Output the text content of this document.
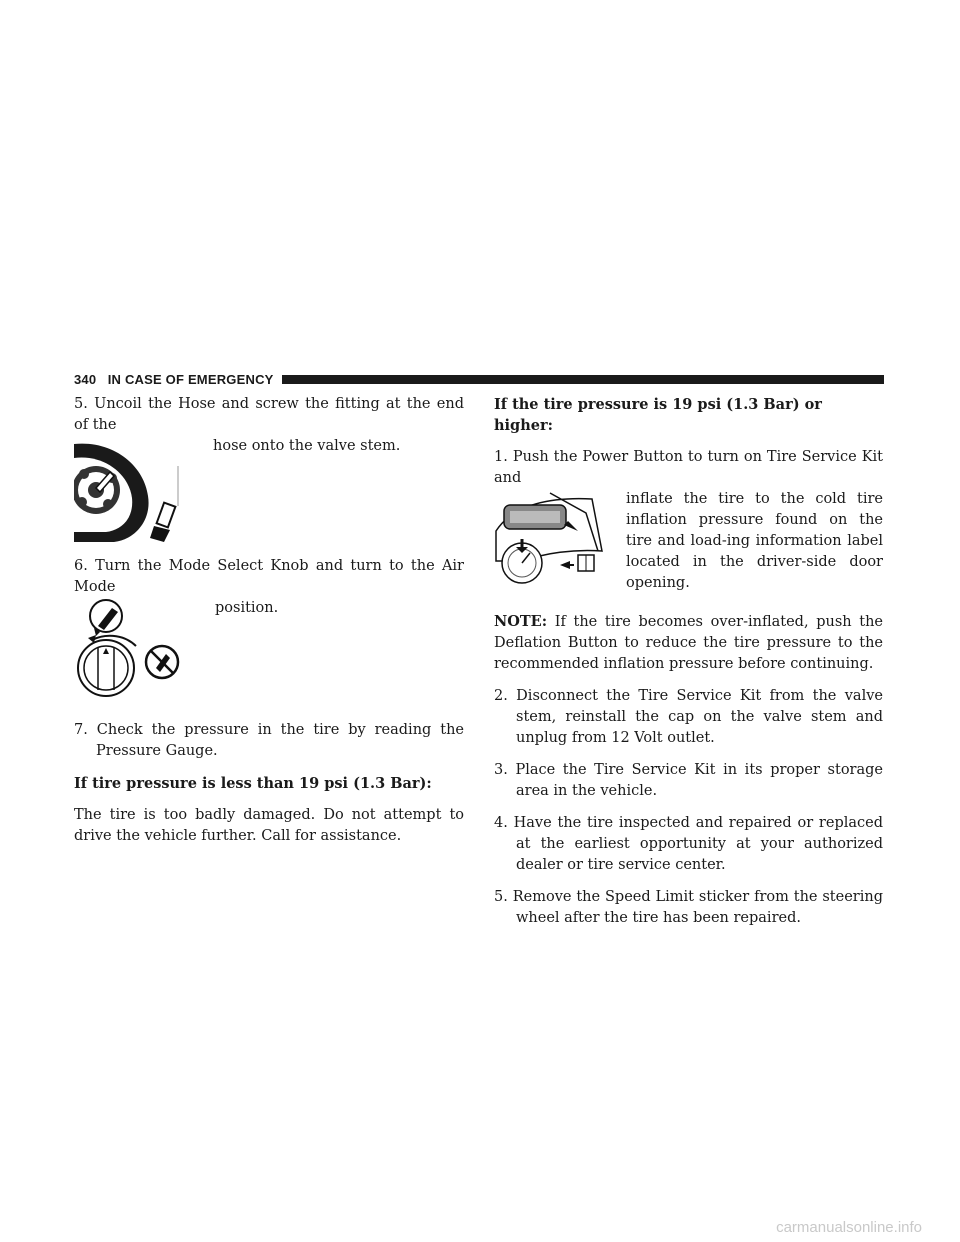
340 IN CASE OF EMERGENCY

5. Uncoil the Hose and screw the fitting at the end of the

hose onto the valve stem.

6. Turn the Mode Select Knob and turn to the Air Mode

position.

7. Check the pressure in the tire by reading the Pressure Gauge.

If tire pressure is less than 19 psi (1.3 Bar):

The tire is too badly damaged. Do not attempt to drive the vehicle further. Call for assistance.

If the tire pressure is 19 psi (1.3 Bar) or higher:

1. Push the Power Button to turn on Tire Service Kit and

inflate the tire to the cold tire inflation pressure found on the tire and load-ing information label located in the driver-side door opening.

NOTE: If the tire becomes over-inflated, push the Deflation Button to reduce the tire pressure to the recommended inflation pressure before continuing.

2. Disconnect the Tire Service Kit from the valve stem, reinstall the cap on the valve stem and unplug from 12 Volt outlet.

3. Place the Tire Service Kit in its proper storage area in the vehicle.

4. Have the tire inspected and repaired or replaced at the earliest opportunity at your authorized dealer or tire service center.

5. Remove the Speed Limit sticker from the steering wheel after the tire has been repaired.

carmanualsonline.info
